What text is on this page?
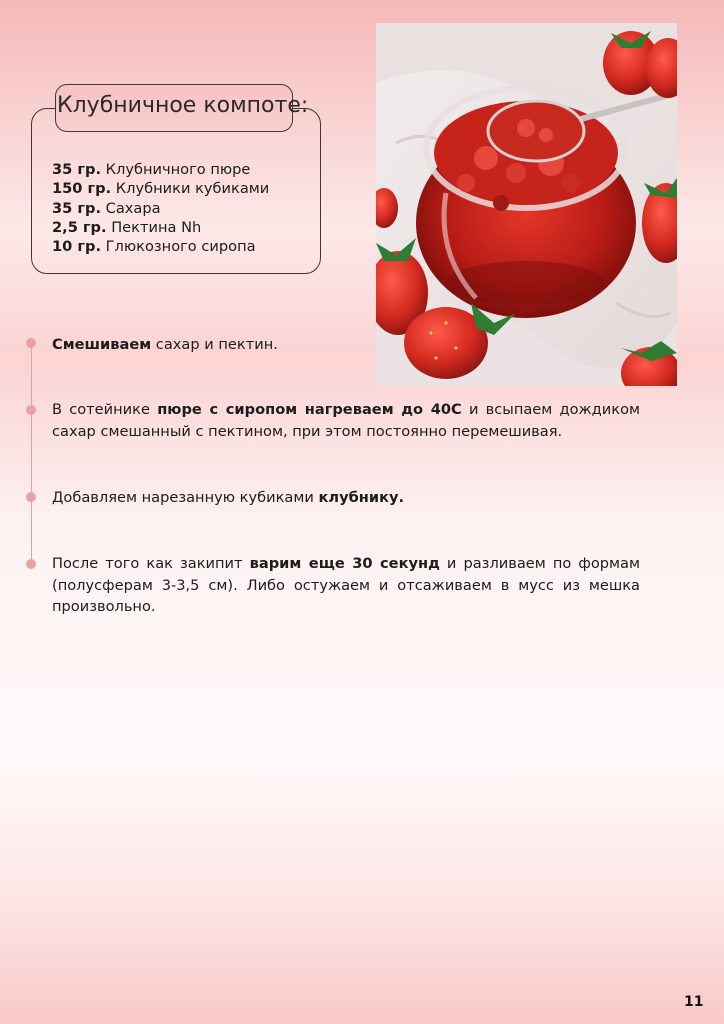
Клубничное компоте:
35 гр. Клубничного пюре
150 гр. Клубники кубиками
35 гр. Сахара
2,5 гр. Пектина Nh
10 гр. Глюкозного сиропа
Смешиваем сахар и пектин.
В сотейнике пюре с сиропом нагреваем до 40С и всыпаем дождиком сахар смешанный с пектином, при этом постоянно перемешивая.
Добавляем нарезанную кубиками клубнику.
После того как закипит варим еще 30 секунд и разливаем по формам (полусферам 3-3,5 см). Либо остужаем и отсаживаем в мусс из мешка произвольно.
11
